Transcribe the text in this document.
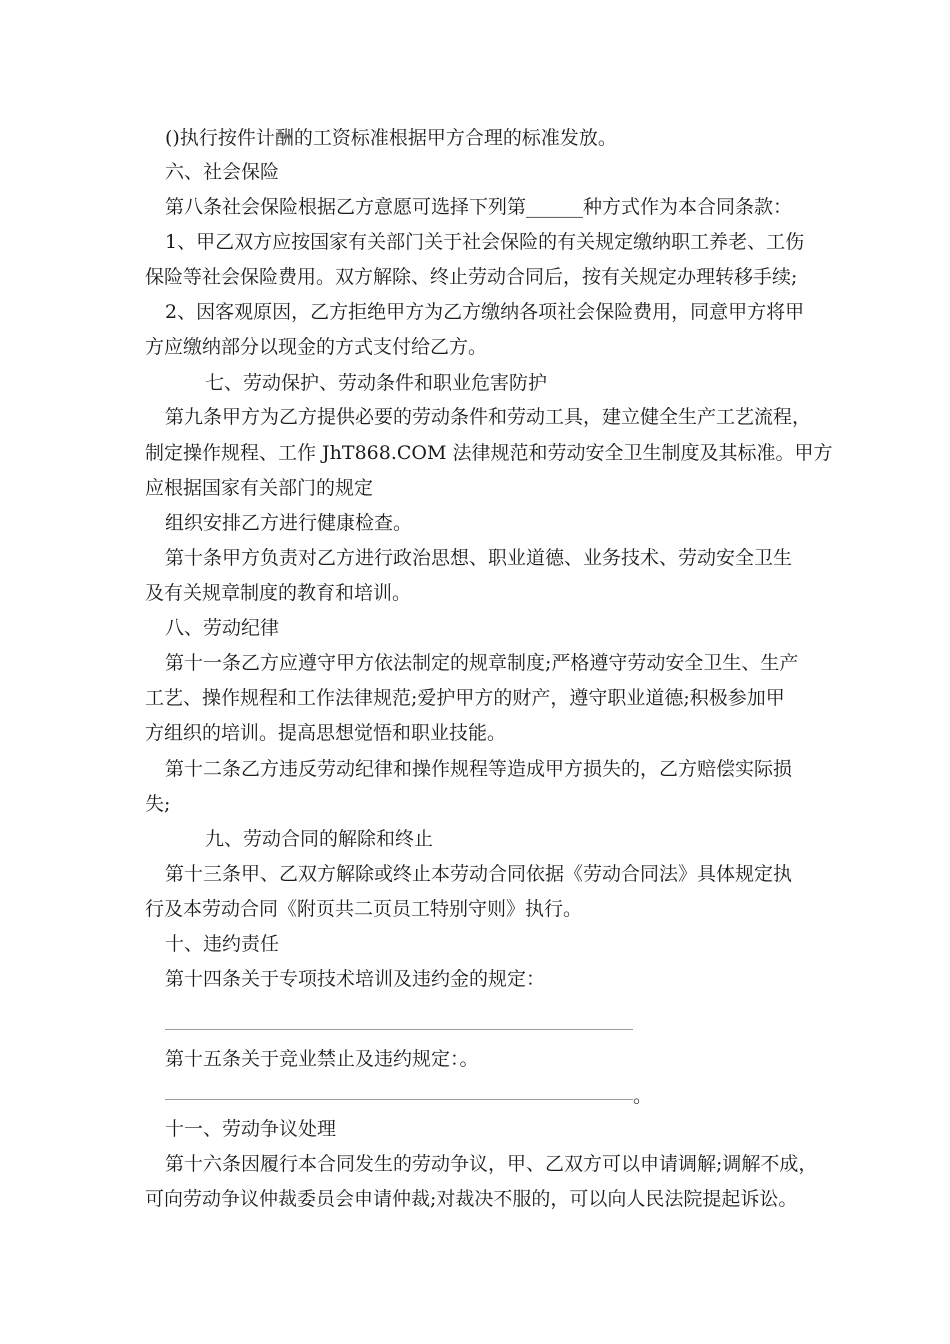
()执行按件计酬的工资标准根据甲方合理的标准发放。
六、社会保险
第八条社会保险根据乙方意愿可选择下列第______种方式作为本合同条款：
1、甲乙双方应按国家有关部门关于社会保险的有关规定缴纳职工养老、工伤
保险等社会保险费用。双方解除、终止劳动合同后，按有关规定办理转移手续;
2、因客观原因，乙方拒绝甲方为乙方缴纳各项社会保险费用，同意甲方将甲
方应缴纳部分以现金的方式支付给乙方。
七、劳动保护、劳动条件和职业危害防护
第九条甲方为乙方提供必要的劳动条件和劳动工具，建立健全生产工艺流程，
制定操作规程、工作 JhT868.COM 法律规范和劳动安全卫生制度及其标准。甲方
应根据国家有关部门的规定
组织安排乙方进行健康检查。
第十条甲方负责对乙方进行政治思想、职业道德、业务技术、劳动安全卫生
及有关规章制度的教育和培训。
八、劳动纪律
第十一条乙方应遵守甲方依法制定的规章制度;严格遵守劳动安全卫生、生产
工艺、操作规程和工作法律规范;爱护甲方的财产，遵守职业道德;积极参加甲
方组织的培训。提高思想觉悟和职业技能。
第十二条乙方违反劳动纪律和操作规程等造成甲方损失的，乙方赔偿实际损
失;
九、劳动合同的解除和终止
第十三条甲、乙双方解除或终止本劳动合同依据《劳动合同法》具体规定执
行及本劳动合同《附页共二页员工特别守则》执行。
十、违约责任
第十四条关于专项技术培训及违约金的规定：
第十五条关于竞业禁止及违约规定：。
。
十一、劳动争议处理
第十六条因履行本合同发生的劳动争议，甲、乙双方可以申请调解;调解不成，
可向劳动争议仲裁委员会申请仲裁;对裁决不服的，可以向人民法院提起诉讼。
